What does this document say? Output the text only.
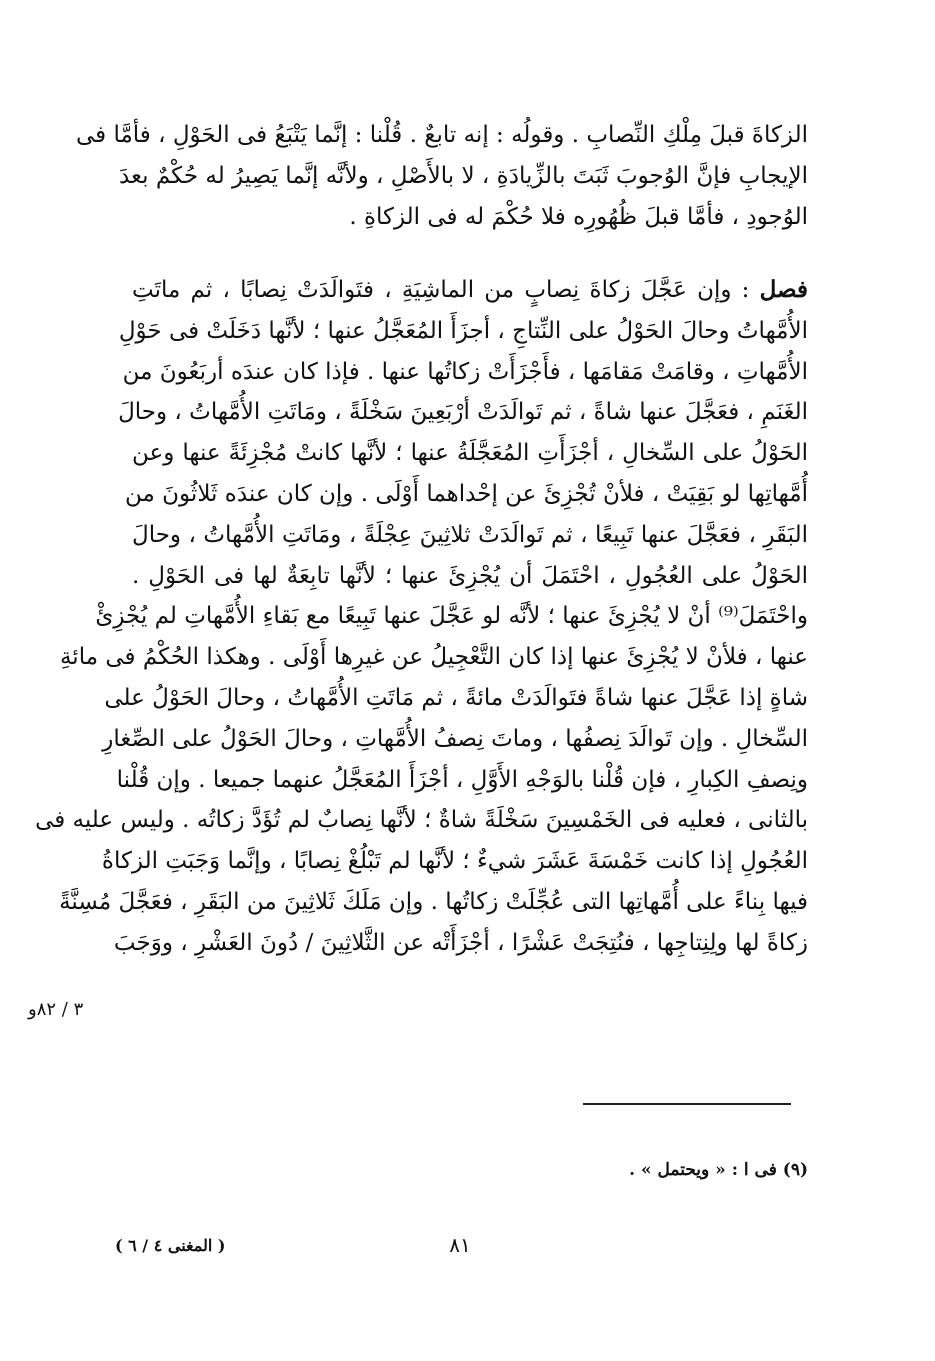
الزكاةَ قبلَ مِلْكِ النِّصابِ . وقولُه : إنه تابعٌ . قُلْنا : إنَّما يَتْبَعُ فى الحَوْلِ ، فأمَّا فى
الإيجابِ فإنَّ الوُجوبَ ثَبَتَ بالزِّيادَةِ ، لا بالأَصْلِ ، ولأنَّه إنَّما يَصِيرُ له حُكْمٌ بعدَ
الوُجودِ ، فأمَّا قبلَ ظُهُورِه فلا حُكْمَ له فى الزكاةِ .
فصل : وإن عَجَّلَ زكاةَ نِصابٍ من الماشِيَةِ ، فتَوالَدَتْ نِصابًا ، ثم ماتَتِ
الأُمَّهاتُ وحالَ الحَوْلُ على النِّتاجِ ، أجزَأَ المُعَجَّلُ عنها ؛ لأنَّها دَخَلَتْ فى حَوْلِ
الأُمَّهاتِ ، وقامَتْ مَقامَها ، فأَجْزَأَتْ زكاتُها عنها . فإذا كان عندَه أربَعُونَ من
الغَنَمِ ، فعَجَّلَ عنها شاةً ، ثم تَوالَدَتْ أرْبَعِينَ سَخْلَةً ، ومَاتَتِ الأُمَّهاتُ ، وحالَ
الحَوْلُ على السِّخالِ ، أجْزَأَتِ المُعَجَّلَةُ عنها ؛ لأنَّها كانتْ مُجْزِئَةً عنها وعن
أُمَّهاتِها لو بَقِيَتْ ، فلأنْ تُجْزِئَ عن إحْداهما أَوْلَى . وإن كان عندَه ثَلاثُونَ من
البَقَرِ ، فعَجَّلَ عنها تَبِيعًا ، ثم تَوالَدَتْ ثلاثِينَ عِجْلَةً ، ومَاتَتِ الأُمَّهاتُ ، وحالَ
الحَوْلُ على العُجُولِ ، احْتَمَلَ أن يُجْزِئَ عنها ؛ لأنَّها تابِعَةٌ لها فى الحَوْلِ .
واحْتَمَلَ⁽⁹⁾ أنْ لا يُجْزِئَ عنها ؛ لأنَّه لو عَجَّلَ عنها تَبِيعًا مع بَقاءِ الأُمَّهاتِ لم يُجْزِئْ
عنها ، فلأنْ لا يُجْزِئَ عنها إذا كان التَّعْجِيلُ عن غيرِها أَوْلَى . وهكذا الحُكْمُ فى مائةِ
شاةٍ إذا عَجَّلَ عنها شاةً فتَوالَدَتْ مائةً ، ثم مَاتَتِ الأُمَّهاتُ ، وحالَ الحَوْلُ على
السِّخالِ . وإن تَوالَدَ نِصفُها ، وماتَ نِصفُ الأُمَّهاتِ ، وحالَ الحَوْلُ على الصِّغارِ
ونِصفِ الكِبارِ ، فإن قُلْنا بالوَجْهِ الأَوَّلِ ، أجْزَأَ المُعَجَّلُ عنهما جميعا . وإن قُلْنا
بالثانى ، فعليه فى الخَمْسِينَ سَخْلَةً شاةٌ ؛ لأنَّها نِصابٌ لم تُؤَدَّ زكاتُه . وليس عليه فى
العُجُولِ إذا كانت خَمْسَةَ عَشَرَ شيءٌ ؛ لأنَّها لم تَبْلُغْ نِصابًا ، وإنَّما وَجَبَتِ الزكاةُ
فيها بِناءً على أُمَّهاتِها التى عُجِّلَتْ زكاتُها . وإن مَلَكَ ثَلاثِينَ من البَقَرِ ، فعَجَّلَ مُسِنَّةً
زكاةً لها ولِنِتاجِها ، فنُتِجَتْ عَشْرًا ، أجْزَأَتْه عن الثَّلاثِينَ / دُونَ العَشْرِ ، ووَجَبَ
٣ / ٨٢و
(٩) فى ا : « ويحتمل » .
٨١
( المغنى ٤ / ٦ )
